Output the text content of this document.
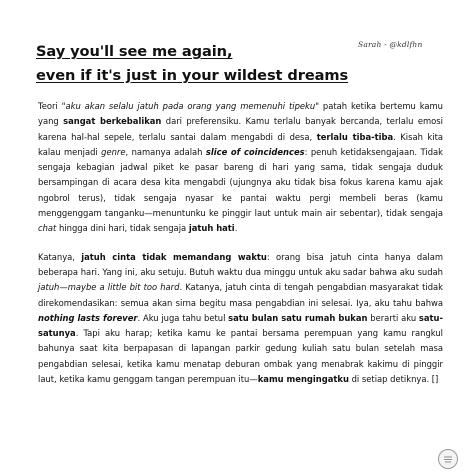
Say you'll see me again,
even if it's just in your wildest dreams
Sarah - @kdlfhn

Teori "aku akan selalu jatuh pada orang yang memenuhi tipeku" patah ketika bertemu kamu yang sangat berkebalikan dari preferensiku. Kamu terlalu banyak bercanda, terlalu emosi karena hal-hal sepele, terlalu santai dalam mengabdi di desa, terlalu tiba-tiba. Kisah kita kalau menjadi genre, namanya adalah slice of coincidences: penuh ketidaksengajaan. Tidak sengaja kebagian jadwal piket ke pasar bareng di hari yang sama, tidak sengaja duduk bersampingan di acara desa kita mengabdi (ujungnya aku tidak bisa fokus karena kamu ajak ngobrol terus), tidak sengaja nyasar ke pantai waktu pergi membeli beras (kamu menggenggam tanganku—menuntunku ke pinggir laut untuk main air sebentar), tidak sengaja chat hingga dini hari, tidak sengaja jatuh hati.

Katanya, jatuh cinta tidak memandang waktu: orang bisa jatuh cinta hanya dalam beberapa hari. Yang ini, aku setuju. Butuh waktu dua minggu untuk aku sadar bahwa aku sudah jatuh—maybe a little bit too hard. Katanya, jatuh cinta di tengah pengabdian masyarakat tidak direkomendasikan: semua akan sirna begitu masa pengabdian ini selesai. Iya, aku tahu bahwa nothing lasts forever. Aku juga tahu betul satu bulan satu rumah bukan berarti aku satu-satunya. Tapi aku harap; ketika kamu ke pantai bersama perempuan yang kamu rangkul bahunya saat kita berpapasan di lapangan parkir gedung kuliah satu bulan setelah masa pengabdian selesai, ketika kamu menatap deburan ombak yang menabrak kakimu di pinggir laut, ketika kamu genggam tangan perempuan itu—kamu mengingatku di setiap detiknya. []
